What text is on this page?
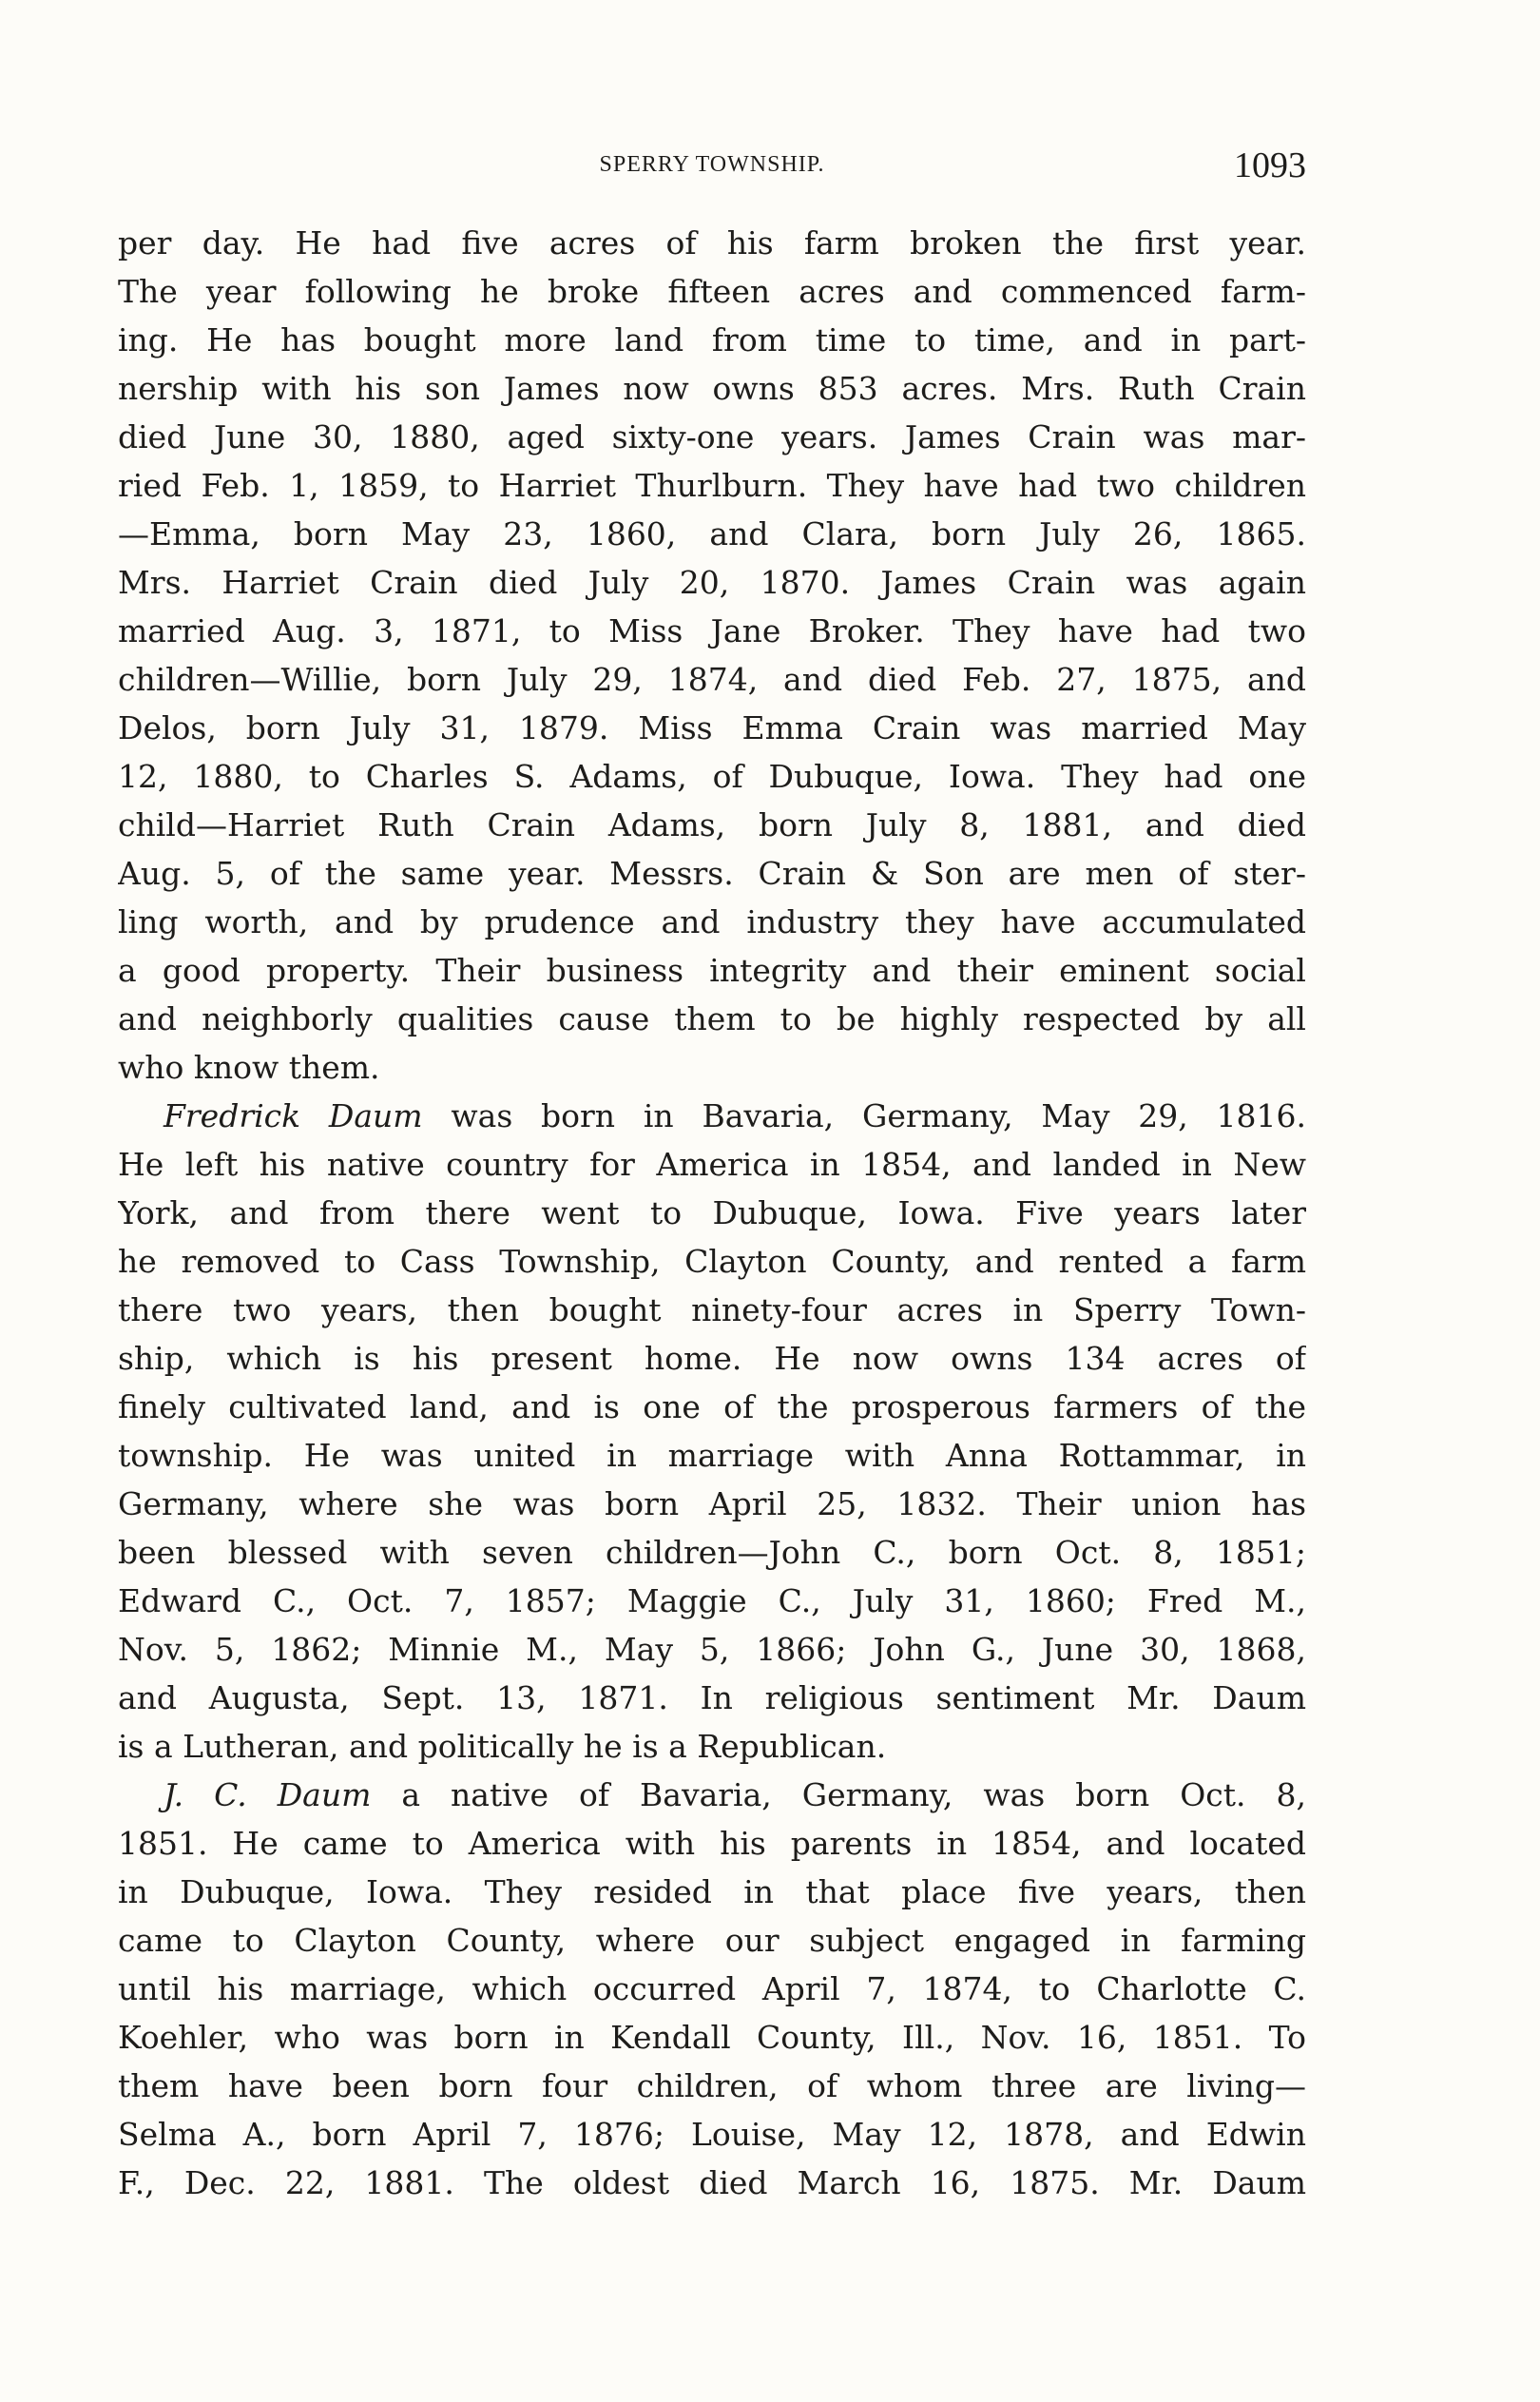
SPERRY TOWNSHIP.	1093
per day. He had five acres of his farm broken the first year.
The year following he broke fifteen acres and commenced farm-
ing. He has bought more land from time to time, and in part-
nership with his son James now owns 853 acres. Mrs. Ruth Crain
died June 30, 1880, aged sixty-one years. James Crain was mar-
ried Feb. 1, 1859, to Harriet Thurlburn. They have had two children
—Emma, born May 23, 1860, and Clara, born July 26, 1865.
Mrs. Harriet Crain died July 20, 1870. James Crain was again
married Aug. 3, 1871, to Miss Jane Broker. They have had two
children—Willie, born July 29, 1874, and died Feb. 27, 1875, and
Delos, born July 31, 1879. Miss Emma Crain was married May
12, 1880, to Charles S. Adams, of Dubuque, Iowa. They had one
child—Harriet Ruth Crain Adams, born July 8, 1881, and died
Aug. 5, of the same year. Messrs. Crain & Son are men of ster-
ling worth, and by prudence and industry they have accumulated
a good property. Their business integrity and their eminent social
and neighborly qualities cause them to be highly respected by all
who know them.
Fredrick Daum was born in Bavaria, Germany, May 29, 1816.
He left his native country for America in 1854, and landed in New
York, and from there went to Dubuque, Iowa. Five years later
he removed to Cass Township, Clayton County, and rented a farm
there two years, then bought ninety-four acres in Sperry Town-
ship, which is his present home. He now owns 134 acres of
finely cultivated land, and is one of the prosperous farmers of the
township. He was united in marriage with Anna Rottammar, in
Germany, where she was born April 25, 1832. Their union has
been blessed with seven children—John C., born Oct. 8, 1851;
Edward C., Oct. 7, 1857; Maggie C., July 31, 1860; Fred M.,
Nov. 5, 1862; Minnie M., May 5, 1866; John G., June 30, 1868,
and Augusta, Sept. 13, 1871. In religious sentiment Mr. Daum
is a Lutheran, and politically he is a Republican.
J. C. Daum a native of Bavaria, Germany, was born Oct. 8,
1851. He came to America with his parents in 1854, and located
in Dubuque, Iowa. They resided in that place five years, then
came to Clayton County, where our subject engaged in farming
until his marriage, which occurred April 7, 1874, to Charlotte C.
Koehler, who was born in Kendall County, Ill., Nov. 16, 1851. To
them have been born four children, of whom three are living—
Selma A., born April 7, 1876; Louise, May 12, 1878, and Edwin
F., Dec. 22, 1881. The oldest died March 16, 1875. Mr. Daum
